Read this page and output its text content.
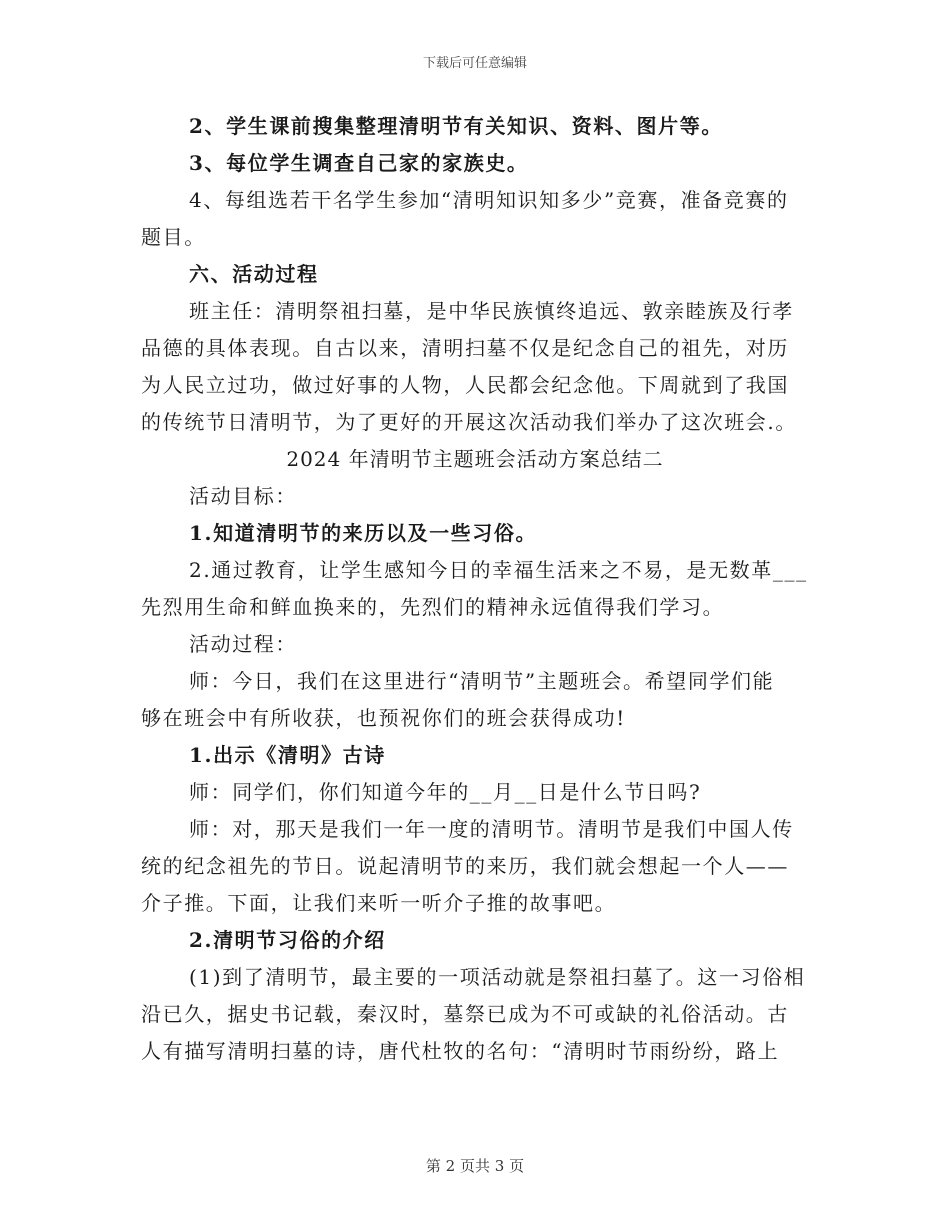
下载后可任意编辑

2、学生课前搜集整理清明节有关知识、资料、图片等。

3、每位学生调查自己家的家族史。

4、每组选若干名学生参加“清明知识知多少”竞赛，准备竞赛的
题目。

六、活动过程

班主任：清明祭祖扫墓，是中华民族慎终追远、敦亲睦族及行孝
品德的具体表现。自古以来，清明扫墓不仅是纪念自己的祖先，对历
为人民立过功，做过好事的人物，人民都会纪念他。下周就到了我国
的传统节日清明节，为了更好的开展这次活动我们举办了这次班会.。

2024 年清明节主题班会活动方案总结二

活动目标：

1.知道清明节的来历以及一些习俗。

2.通过教育，让学生感知今日的幸福生活来之不易，是无数革___
先烈用生命和鲜血换来的，先烈们的精神永远值得我们学习。

活动过程：

师：今日，我们在这里进行“清明节”主题班会。希望同学们能
够在班会中有所收获，也预祝你们的班会获得成功!

1.出示《清明》古诗

师：同学们，你们知道今年的__月__日是什么节日吗?

师：对，那天是我们一年一度的清明节。清明节是我们中国人传
统的纪念祖先的节日。说起清明节的来历，我们就会想起一个人——
介子推。下面，让我们来听一听介子推的故事吧。

2.清明节习俗的介绍

(1)到了清明节，最主要的一项活动就是祭祖扫墓了。这一习俗相
沿已久，据史书记载，秦汉时，墓祭已成为不可或缺的礼俗活动。古
人有描写清明扫墓的诗，唐代杜牧的名句：“清明时节雨纷纷，路上

第 2 页共 3 页
